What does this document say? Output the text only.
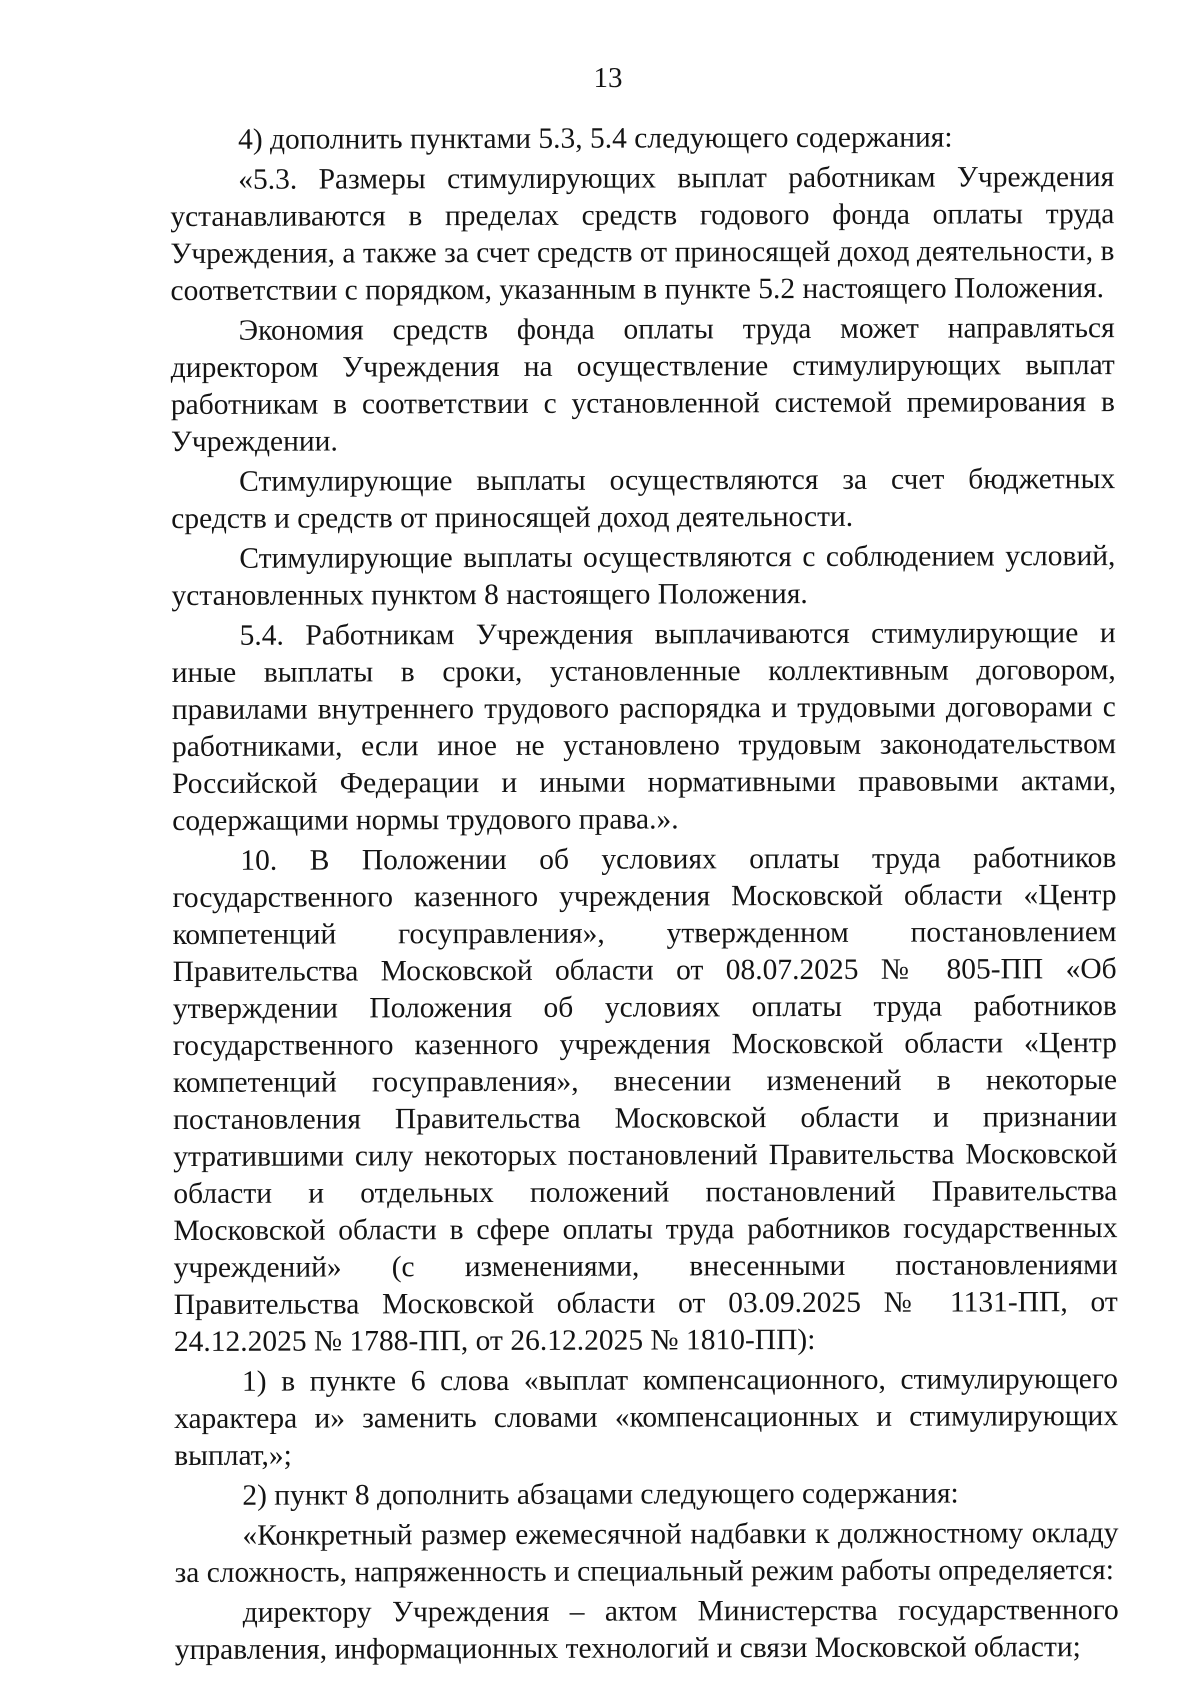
13

4) дополнить пунктами 5.3, 5.4 следующего содержания:

«5.3. Размеры стимулирующих выплат работникам Учреждения устанавливаются в пределах средств годового фонда оплаты труда Учреждения, а также за счет средств от приносящей доход деятельности, в соответствии с порядком, указанным в пункте 5.2 настоящего Положения.

Экономия средств фонда оплаты труда может направляться директором Учреждения на осуществление стимулирующих выплат работникам в соответствии с установленной системой премирования в Учреждении.

Стимулирующие выплаты осуществляются за счет бюджетных средств и средств от приносящей доход деятельности.

Стимулирующие выплаты осуществляются с соблюдением условий, установленных пунктом 8 настоящего Положения.

5.4. Работникам Учреждения выплачиваются стимулирующие и иные выплаты в сроки, установленные коллективным договором, правилами внутреннего трудового распорядка и трудовыми договорами с работниками, если иное не установлено трудовым законодательством Российской Федерации и иными нормативными правовыми актами, содержащими нормы трудового права.».

10. В Положении об условиях оплаты труда работников государственного казенного учреждения Московской области «Центр компетенций госуправления», утвержденном постановлением Правительства Московской области от 08.07.2025 № 805-ПП «Об утверждении Положения об условиях оплаты труда работников государственного казенного учреждения Московской области «Центр компетенций госуправления», внесении изменений в некоторые постановления Правительства Московской области и признании утратившими силу некоторых постановлений Правительства Московской области и отдельных положений постановлений Правительства Московской области в сфере оплаты труда работников государственных учреждений» (с изменениями, внесенными постановлениями Правительства Московской области от 03.09.2025 № 1131-ПП, от 24.12.2025 № 1788-ПП, от 26.12.2025 № 1810-ПП):

1) в пункте 6 слова «выплат компенсационного, стимулирующего характера и» заменить словами «компенсационных и стимулирующих выплат,»;

2) пункт 8 дополнить абзацами следующего содержания:

«Конкретный размер ежемесячной надбавки к должностному окладу за сложность, напряженность и специальный режим работы определяется:

директору Учреждения – актом Министерства государственного управления, информационных технологий и связи Московской области;
